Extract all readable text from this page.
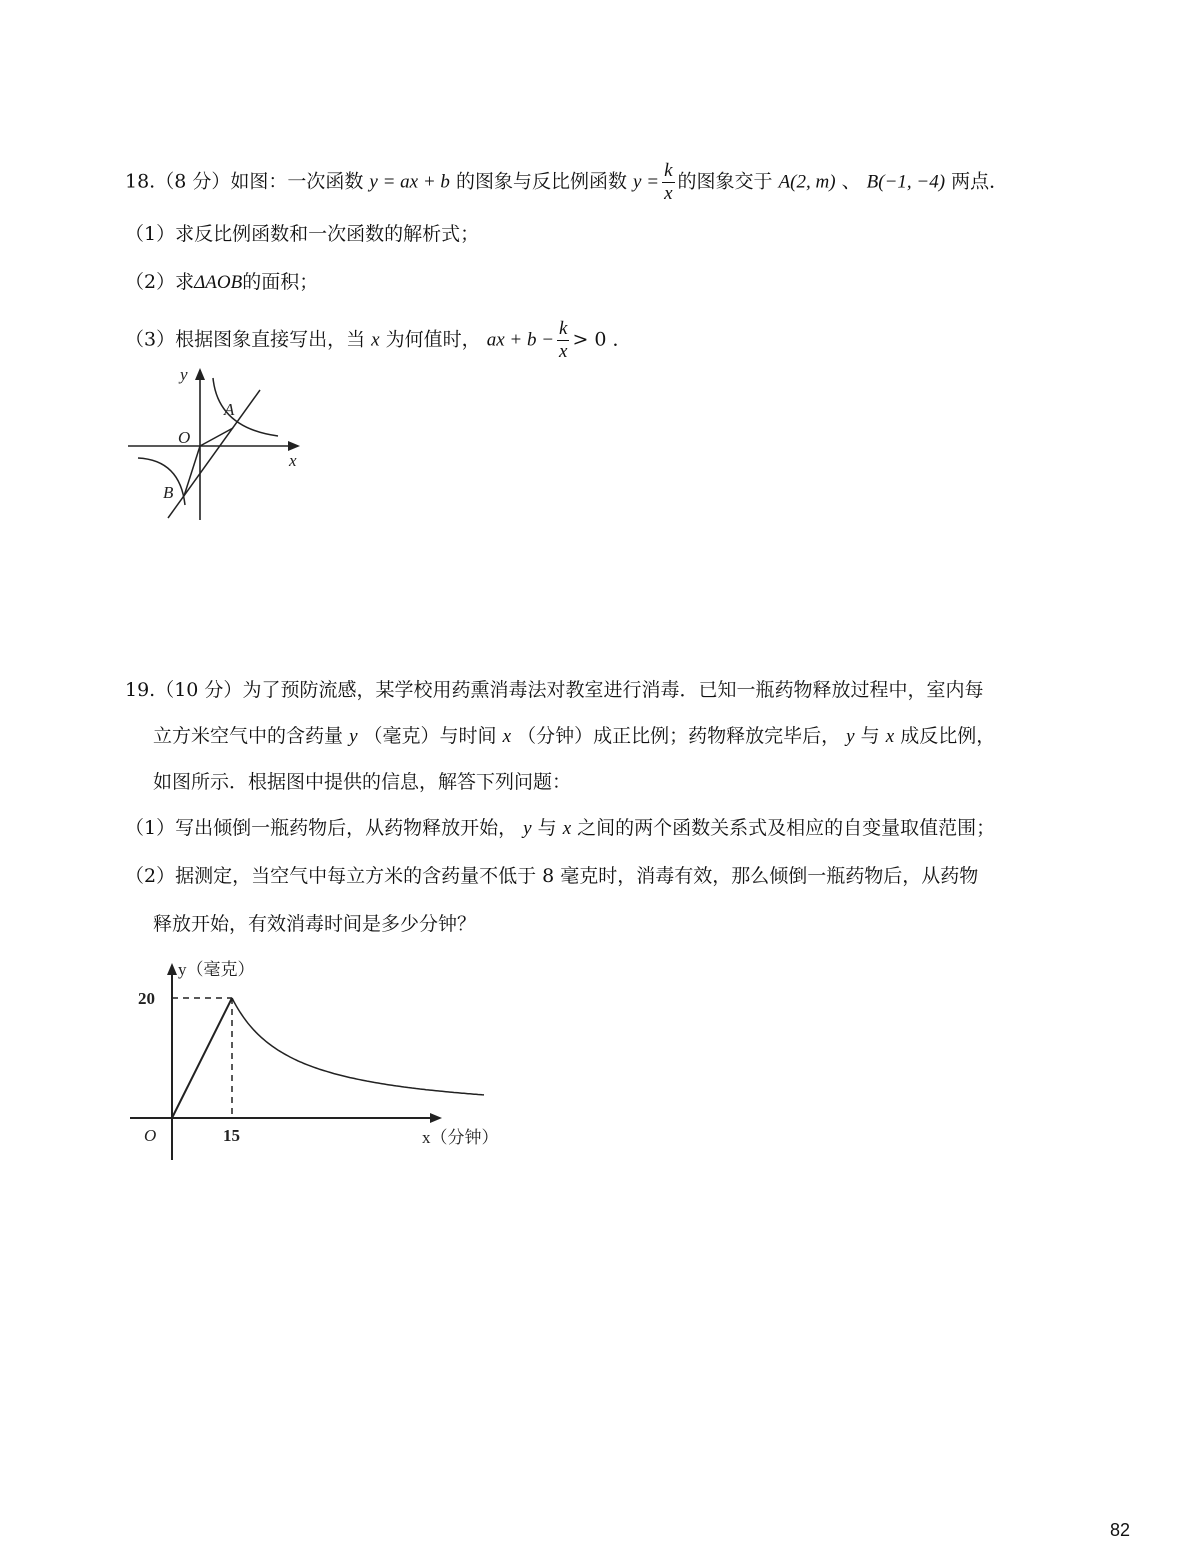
18.（8 分）如图：一次函数 y = ax + b 的图象与反比例函数 $y = \frac{k}{x}$ 的图象交于 A(2, m) 、 B(−1, −4) 两点．
（1）求反比例函数和一次函数的解析式；
（2）求ΔAOB的面积；
（3）根据图象直接写出，当 x 为何值时， ax + $b - \frac{k}{x} > 0$ ．
y
x
O
A
B
19.（10 分）为了预防流感，某学校用药熏消毒法对教室进行消毒．已知一瓶药物释放过程中，室内每
立方米空气中的含药量 y （毫克）与时间 x （分钟）成正比例；药物释放完毕后， y 与 x 成反比例，
如图所示．根据图中提供的信息，解答下列问题：
（1）写出倾倒一瓶药物后，从药物释放开始， y 与 x 之间的两个函数关系式及相应的自变量取值范围；
（2）据测定，当空气中每立方米的含药量不低于 8 毫克时，消毒有效，那么倾倒一瓶药物后，从药物
释放开始，有效消毒时间是多少分钟？
y（毫克）
x（分钟）
O
20
15
82
